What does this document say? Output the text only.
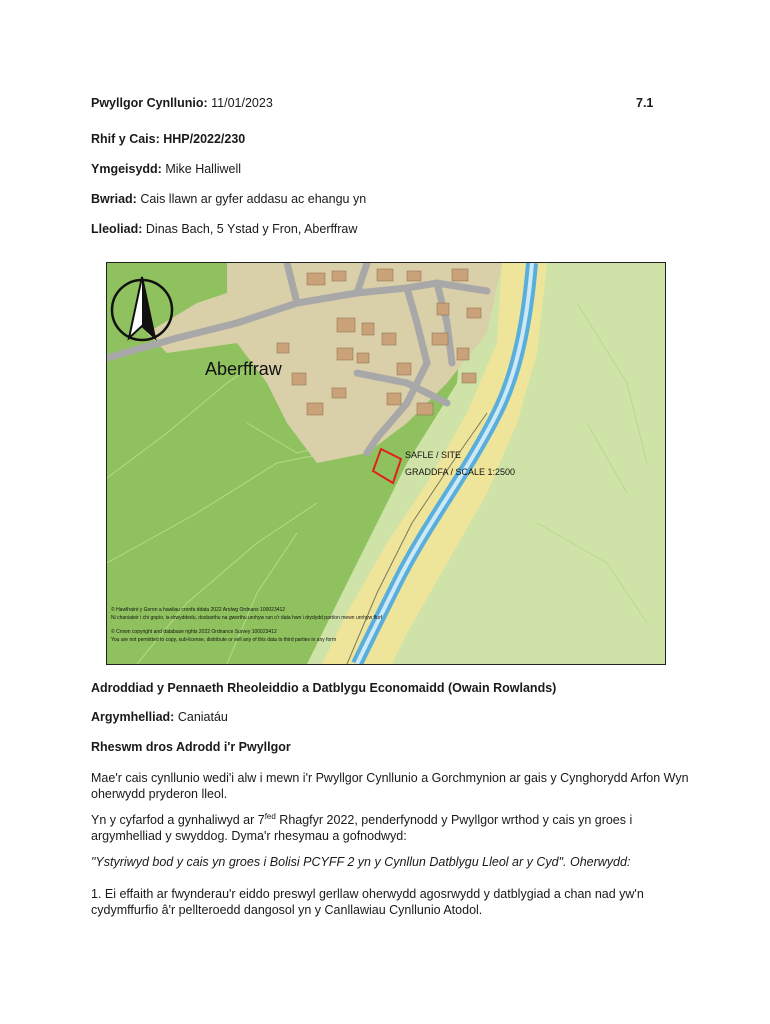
Pwyllgor Cynllunio: 11/01/2023	7.1
Rhif y Cais: HHP/2022/230
Ymgeisydd: Mike Halliwell
Bwriad: Cais llawn ar gyfer addasu ac ehangu yn
Lleoliad: Dinas Bach, 5 Ystad y Fron, Aberffraw
Aberffraw
SAFLE / SITE
GRADDFA / SCALE 1:2500
© Hawlfraint y Goron a hawliau cronfa ddata 2022 Arolwg Ordnans 100023412
Ni chaniateir i chi gopïo, is-drwyddedu, dosbarthu na gwerthu unrhyw ran o'r data hwn i drydydd partïon mewn unrhyw ffurf
© Crown copyright and database rights 2022 Ordnance Survey 100023412
You are not permitted to copy, sub-license, distribute or sell any of this data to third parties in any form
Adroddiad y Pennaeth Rheoleiddio a Datblygu Economaidd (Owain Rowlands)
Argymhelliad: Caniatáu
Rheswm dros Adrodd i'r Pwyllgor
Mae'r cais cynllunio wedi'i alw i mewn i'r Pwyllgor Cynllunio a Gorchmynion ar gais y Cynghorydd Arfon Wyn oherwydd pryderon lleol.
Yn y cyfarfod a gynhaliwyd ar $7^{fed}$ Rhagfyr 2022, penderfynodd y Pwyllgor wrthod y cais yn groes i argymhelliad y swyddog. Dyma'r rhesymau a gofnodwyd:
"Ystyriwyd bod y cais yn groes i Bolisi PCYFF 2 yn y Cynllun Datblygu Lleol ar y Cyd". Oherwydd:
1. Ei effaith ar fwynderau'r eiddo preswyl gerllaw oherwydd agosrwydd y datblygiad a chan nad yw'n cydymffurfio â'r pellteroedd dangosol yn y Canllawiau Cynllunio Atodol.
